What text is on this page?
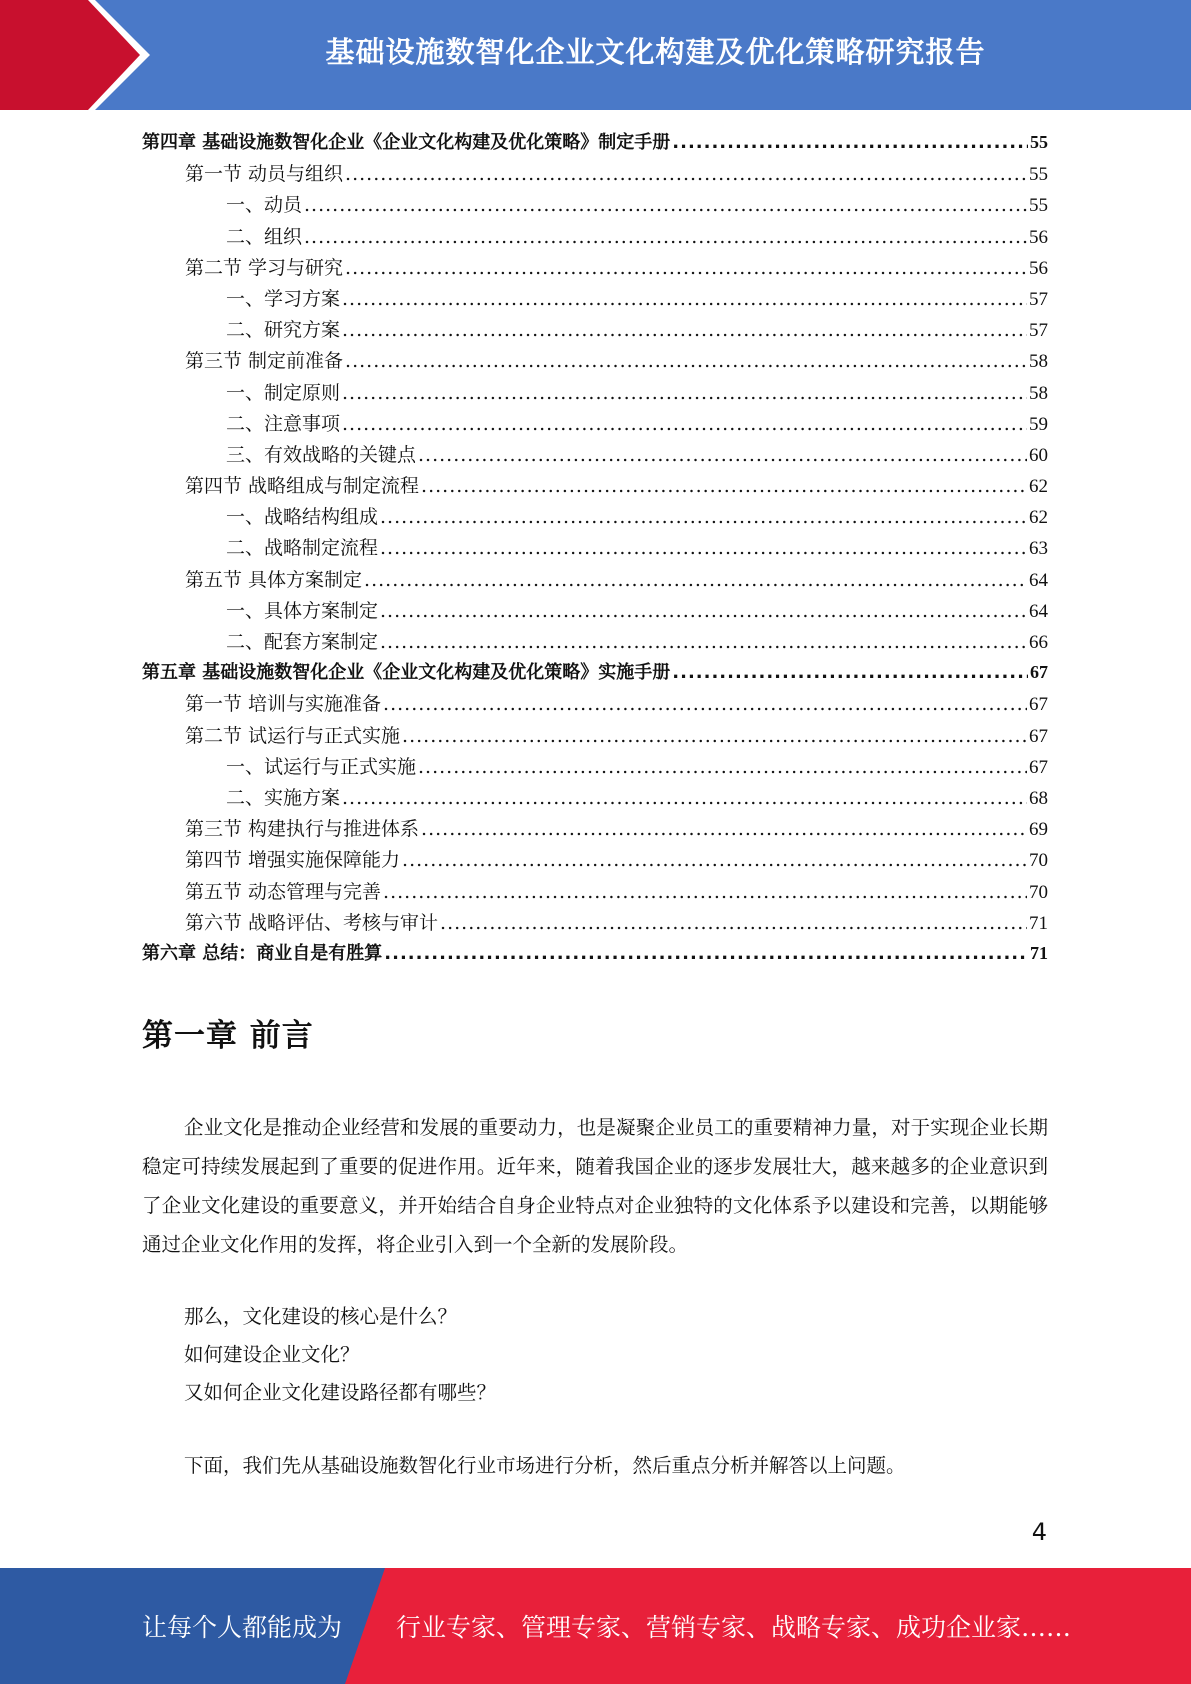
基础设施数智化企业文化构建及优化策略研究报告
第四章 基础设施数智化企业《企业文化构建及优化策略》制定手册 .....	55
第一节 动员与组织 .....	55
一、动员 .....	55
二、组织 .....	56
第二节 学习与研究 .....	56
一、学习方案 .....	57
二、研究方案 .....	57
第三节 制定前准备 .....	58
一、制定原则 .....	58
二、注意事项 .....	59
三、有效战略的关键点 .....	60
第四节 战略组成与制定流程 .....	62
一、战略结构组成 .....	62
二、战略制定流程 .....	63
第五节 具体方案制定 .....	64
一、具体方案制定 .....	64
二、配套方案制定 .....	66
第五章 基础设施数智化企业《企业文化构建及优化策略》实施手册 .....	67
第一节 培训与实施准备 .....	67
第二节 试运行与正式实施 .....	67
一、试运行与正式实施 .....	67
二、实施方案 .....	68
第三节 构建执行与推进体系 .....	69
第四节 增强实施保障能力 .....	70
第五节 动态管理与完善 .....	70
第六节 战略评估、考核与审计 .....	71
第六章 总结：商业自是有胜算 .....	71
第一章 前言

企业文化是推动企业经营和发展的重要动力，也是凝聚企业员工的重要精神力量，对于实现企业长期稳定可持续发展起到了重要的促进作用。近年来，随着我国企业的逐步发展壮大，越来越多的企业意识到了企业文化建设的重要意义，并开始结合自身企业特点对企业独特的文化体系予以建设和完善，以期能够通过企业文化作用的发挥，将企业引入到一个全新的发展阶段。

那么，文化建设的核心是什么？
如何建设企业文化？
又如何企业文化建设路径都有哪些？
下面，我们先从基础设施数智化行业市场进行分析，然后重点分析并解答以上问题。
4
让每个人都能成为 行业专家、管理专家、营销专家、战略专家、成功企业家……
